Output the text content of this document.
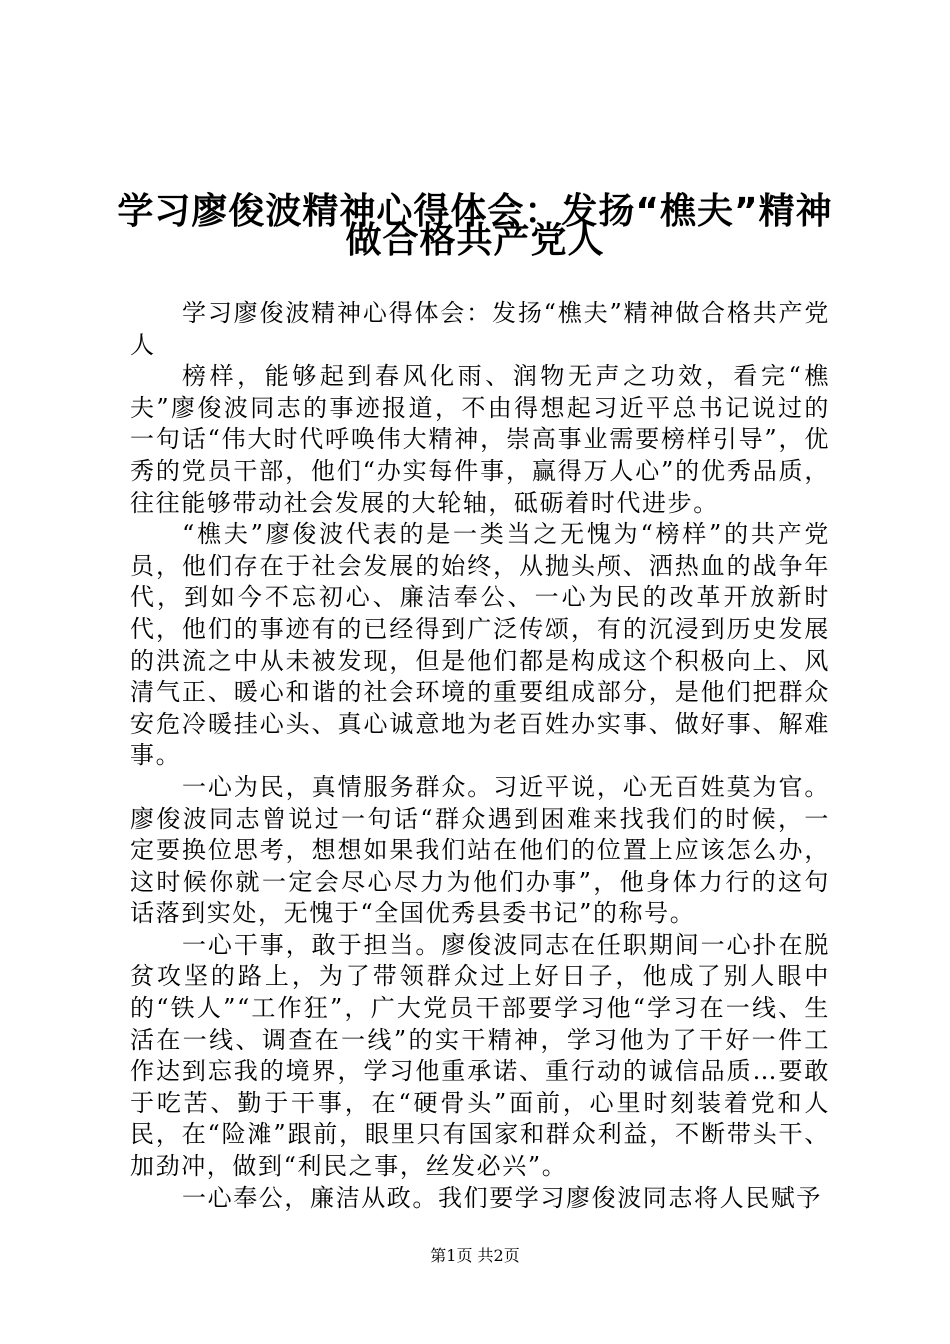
学习廖俊波精神心得体会：发扬“樵夫”精神
做合格共产党人

学习廖俊波精神心得体会：发扬“樵夫”精神做合格共产党人

榜样，能够起到春风化雨、润物无声之功效，看完“樵夫”廖俊波同志的事迹报道，不由得想起习近平总书记说过的一句话“伟大时代呼唤伟大精神，崇高事业需要榜样引导”，优秀的党员干部，他们“办实每件事，赢得万人心”的优秀品质，往往能够带动社会发展的大轮轴，砥砺着时代进步。

“樵夫”廖俊波代表的是一类当之无愧为“榜样”的共产党员，他们存在于社会发展的始终，从抛头颅、洒热血的战争年代，到如今不忘初心、廉洁奉公、一心为民的改革开放新时代，他们的事迹有的已经得到广泛传颂，有的沉浸到历史发展的洪流之中从未被发现，但是他们都是构成这个积极向上、风清气正、暖心和谐的社会环境的重要组成部分，是他们把群众安危冷暖挂心头、真心诚意地为老百姓办实事、做好事、解难事。

一心为民，真情服务群众。习近平说，心无百姓莫为官。廖俊波同志曾说过一句话“群众遇到困难来找我们的时候，一定要换位思考，想想如果我们站在他们的位置上应该怎么办，这时候你就一定会尽心尽力为他们办事”，他身体力行的这句话落到实处，无愧于“全国优秀县委书记”的称号。

一心干事，敢于担当。廖俊波同志在任职期间一心扑在脱贫攻坚的路上，为了带领群众过上好日子，他成了别人眼中的“铁人”“工作狂”，广大党员干部要学习他“学习在一线、生活在一线、调查在一线”的实干精神，学习他为了干好一件工作达到忘我的境界，学习他重承诺、重行动的诚信品质…要敢于吃苦、勤于干事，在“硬骨头”面前，心里时刻装着党和人民，在“险滩”跟前，眼里只有国家和群众利益，不断带头干、加劲冲，做到“利民之事，丝发必兴”。

一心奉公，廉洁从政。我们要学习廖俊波同志将人民赋予

第1页 共2页
